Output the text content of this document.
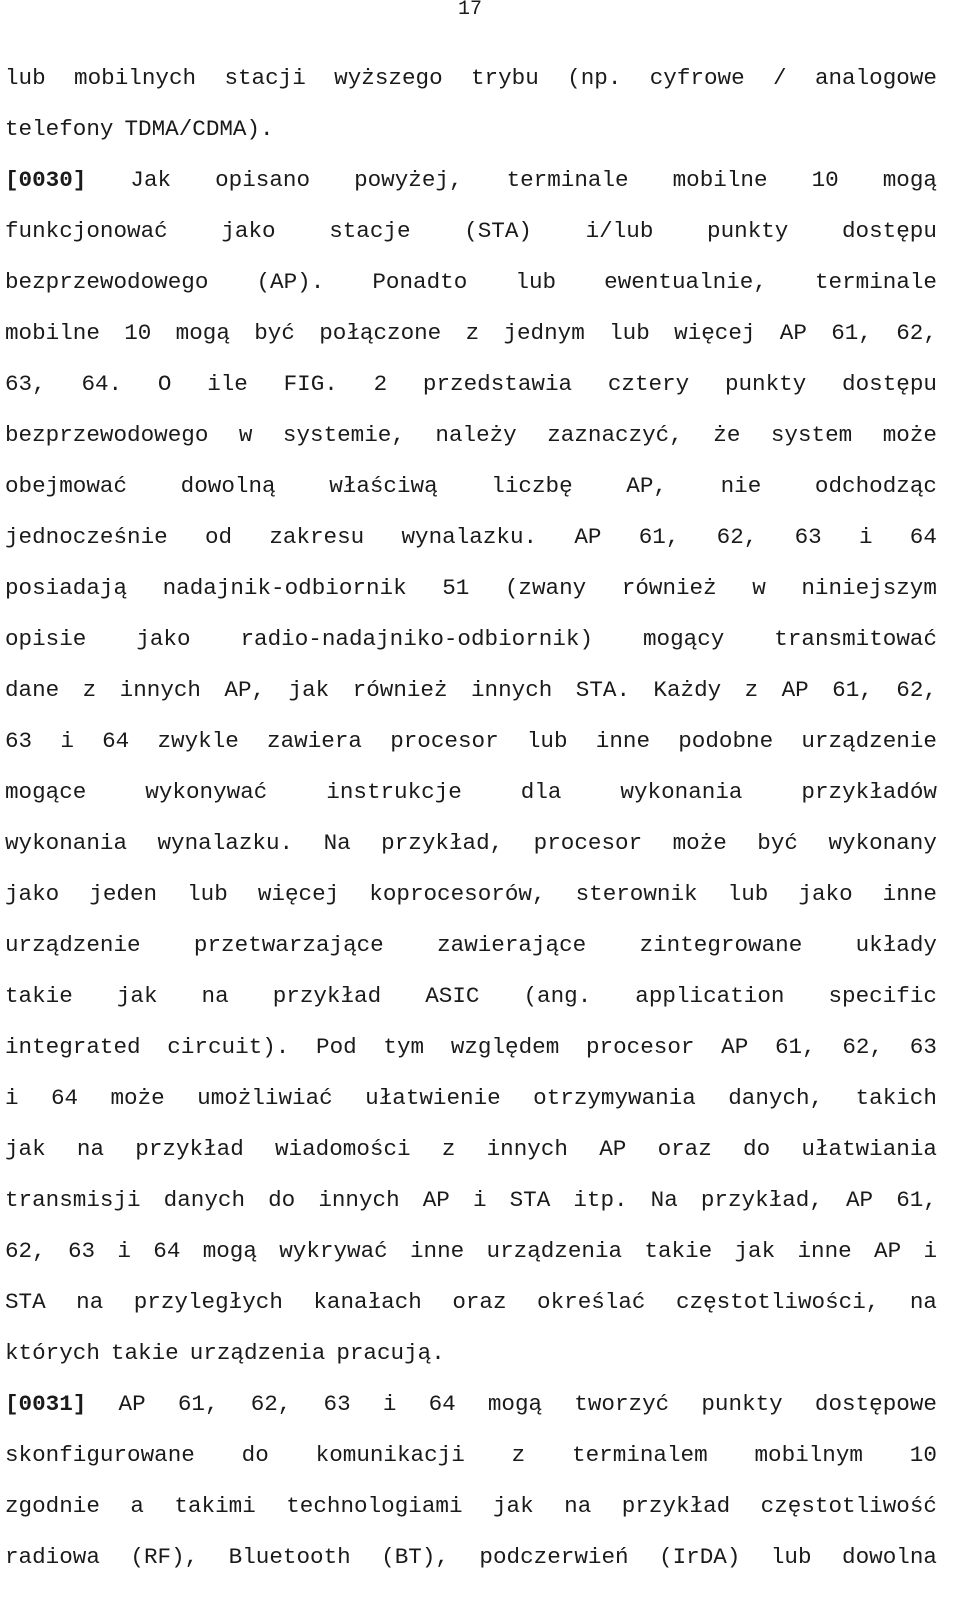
17
lub mobilnych stacji wyższego trybu (np. cyfrowe / analogowe
telefony TDMA/CDMA).
[0030] Jak opisano powyżej, terminale mobilne 10 mogą
funkcjonować jako stacje (STA) i/lub punkty dostępu
bezprzewodowego (AP). Ponadto lub ewentualnie, terminale
mobilne 10 mogą być połączone z jednym lub więcej AP 61, 62,
63, 64. O ile FIG. 2 przedstawia cztery punkty dostępu
bezprzewodowego w systemie, należy zaznaczyć, że system może
obejmować dowolną właściwą liczbę AP, nie odchodząc
jednocześnie od zakresu wynalazku. AP 61, 62, 63 i 64
posiadają nadajnik-odbiornik 51 (zwany również w niniejszym
opisie jako radio-nadajniko-odbiornik) mogący transmitować
dane z innych AP, jak również innych STA. Każdy z AP 61, 62,
63 i 64 zwykle zawiera procesor lub inne podobne urządzenie
mogące	wykonywać	instrukcje	dla	wykonania	przykładów
wykonania wynalazku. Na przykład, procesor może być wykonany
jako jeden lub więcej koprocesorów, sterownik lub jako inne
urządzenie przetwarzające zawierające zintegrowane układy
takie jak na przykład ASIC (ang. application specific
integrated circuit). Pod tym względem procesor AP 61, 62, 63
i 64 może umożliwiać ułatwienie otrzymywania danych, takich
jak na przykład wiadomości z innych AP oraz do ułatwiania
transmisji danych do innych AP i STA itp. Na przykład, AP 61,
62, 63 i 64 mogą wykrywać inne urządzenia takie jak inne AP i
STA na przyległych kanałach oraz określać częstotliwości, na
których takie urządzenia pracują.
[0031] AP 61, 62, 63 i 64 mogą tworzyć punkty dostępowe
skonfigurowane do komunikacji z terminalem mobilnym 10
zgodnie a takimi technologiami jak na przykład częstotliwość
radiowa (RF), Bluetooth (BT), podczerwień (IrDA) lub dowolna
